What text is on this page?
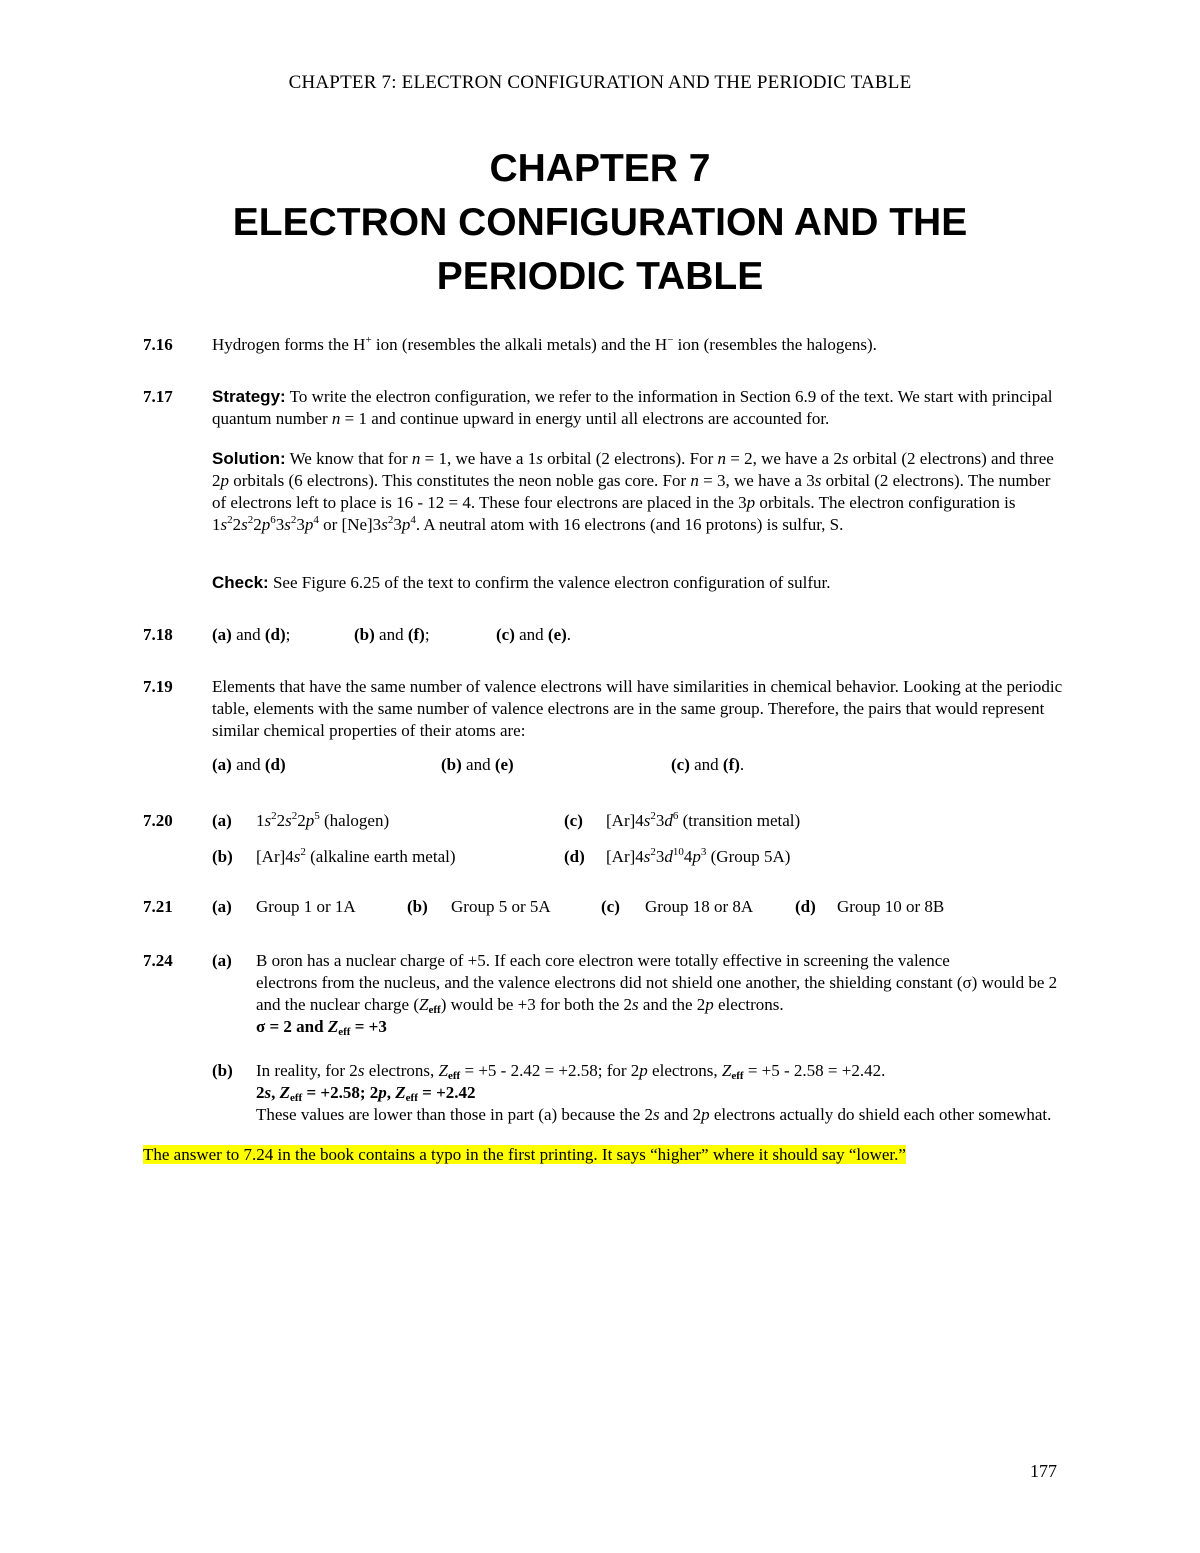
CHAPTER 7: ELECTRON CONFIGURATION AND THE PERIODIC TABLE
CHAPTER 7
ELECTRON CONFIGURATION AND THE
PERIODIC TABLE
7.16 Hydrogen forms the H+ ion (resembles the alkali metals) and the H− ion (resembles the halogens).
7.17 Strategy: To write the electron configuration, we refer to the information in Section 6.9 of the text. We start with principal quantum number n = 1 and continue upward in energy until all electrons are accounted for.

Solution: We know that for n = 1, we have a 1s orbital (2 electrons). For n = 2, we have a 2s orbital (2 electrons) and three 2p orbitals (6 electrons). This constitutes the neon noble gas core. For n = 3, we have a 3s orbital (2 electrons). The number of electrons left to place is 16 - 12 = 4. These four electrons are placed in the 3p orbitals. The electron configuration is $1s^22s^22p^63s^23p^4$ or $[Ne]3s^23p^4$. A neutral atom with 16 electrons (and 16 protons) is sulfur, S.

Check: See Figure 6.25 of the text to confirm the valence electron configuration of sulfur.

7.18 (a) and (d);	(b) and (f);	(c) and (e).
7.19 Elements that have the same number of valence electrons will have similarities in chemical behavior. Looking at the periodic table, elements with the same number of valence electrons are in the same group. Therefore, the pairs that would represent similar chemical properties of their atoms are:

(a) and (d)	(b) and (e)	(c) and (f).
7.20 (a) $1s^22s^22p^5$ (halogen)	(c) $[Ar]4s^23d^6$ (transition metal)
(b) $[Ar]4s^2$ (alkaline earth metal)	(d) $[Ar]4s^23d^{10}4p^3$ (Group 5A)
7.21 (a) Group 1 or 1A	(b) Group 5 or 5A	(c) Group 18 or 8A (d) Group 10 or 8B
7.24 (a) B oron has a nuclear charge of +5. If each core electron were totally effective in screening the valence
electrons from the nucleus, and the valence electrons did not shield one another, the shielding constant (σ) would be 2 and the nuclear charge $(Z_{eff})$ would be +3 for both the 2s and the 2p electrons.
σ = 2 and $Z_{eff} = +3$
(b) In reality, for 2s electrons, $Z_{eff} = +5 - 2.42 = +2.58$; for 2p electrons, $Z_{eff} = +5 - 2.58 = +2.42$.
2s, $Z_{eff} = +2.58$; 2p, $Z_{eff} = +2.42$
These values are lower than those in part (a) because the 2s and 2p electrons actually do shield each other somewhat.
The answer to 7.24 in the book contains a typo in the first printing. It says “higher” where it should say “lower.”
177
